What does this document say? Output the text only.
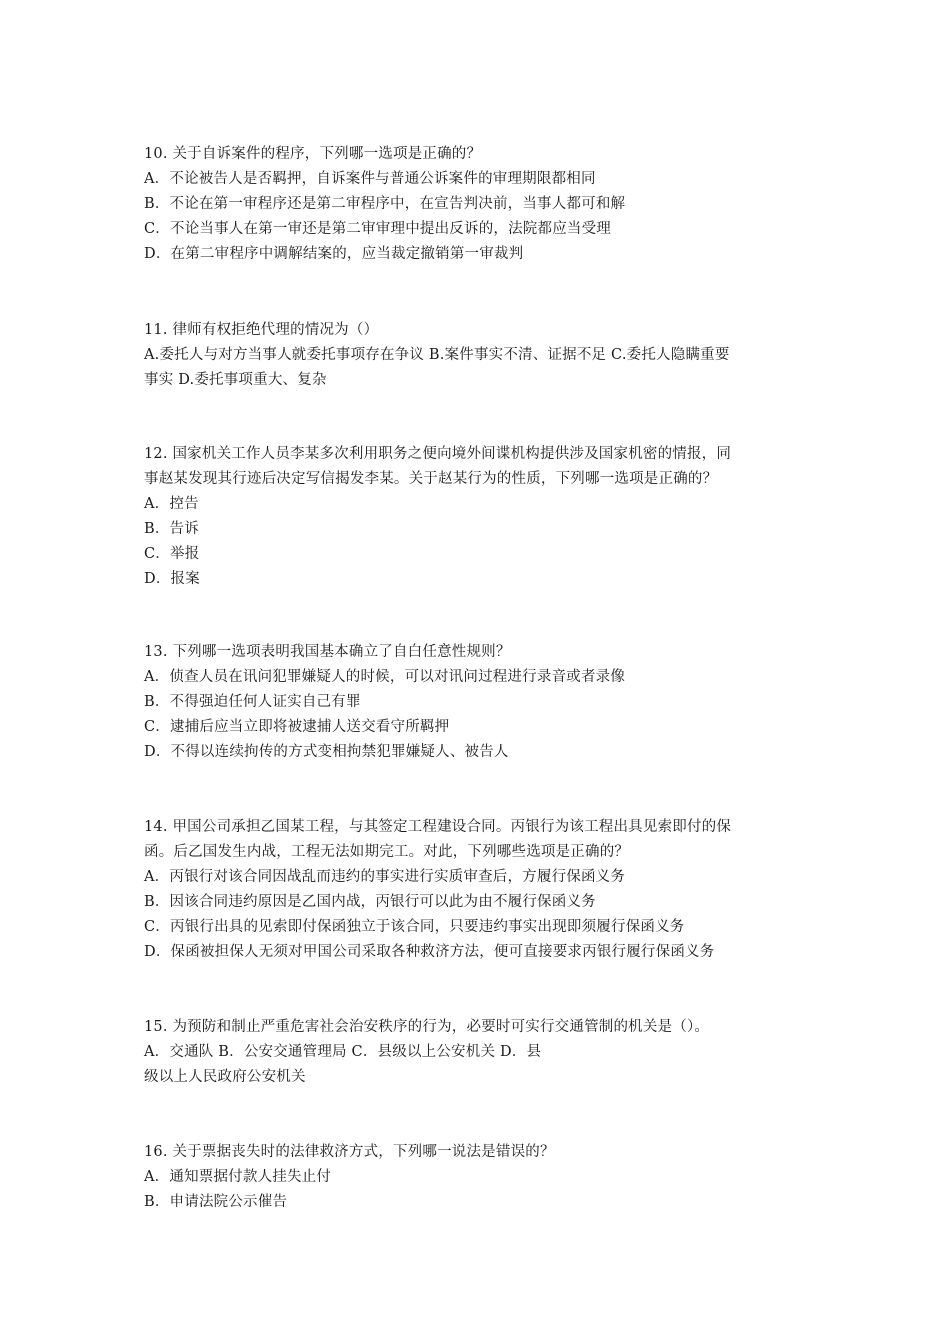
10. 关于自诉案件的程序，下列哪一选项是正确的？
A．不论被告人是否羁押，自诉案件与普通公诉案件的审理期限都相同
B．不论在第一审程序还是第二审程序中，在宣告判决前，当事人都可和解
C．不论当事人在第一审还是第二审审理中提出反诉的，法院都应当受理
D．在第二审程序中调解结案的，应当裁定撤销第一审裁判
11. 律师有权拒绝代理的情况为（）
A.委托人与对方当事人就委托事项存在争议 B.案件事实不清、证据不足 C.委托人隐瞒重要
事实 D.委托事项重大、复杂
12. 国家机关工作人员李某多次利用职务之便向境外间谍机构提供涉及国家机密的情报，同
事赵某发现其行迹后决定写信揭发李某。关于赵某行为的性质，下列哪一选项是正确的？
A．控告
B．告诉
C．举报
D．报案
13. 下列哪一选项表明我国基本确立了自白任意性规则？
A．侦查人员在讯问犯罪嫌疑人的时候，可以对讯问过程进行录音或者录像
B．不得强迫任何人证实自己有罪
C．逮捕后应当立即将被逮捕人送交看守所羁押
D．不得以连续拘传的方式变相拘禁犯罪嫌疑人、被告人
14. 甲国公司承担乙国某工程，与其签定工程建设合同。丙银行为该工程出具见索即付的保
函。后乙国发生内战，工程无法如期完工。对此，下列哪些选项是正确的？
A．丙银行对该合同因战乱而违约的事实进行实质审查后，方履行保函义务
B．因该合同违约原因是乙国内战，丙银行可以此为由不履行保函义务
C．丙银行出具的见索即付保函独立于该合同，只要违约事实出现即须履行保函义务
D．保函被担保人无须对甲国公司采取各种救济方法，便可直接要求丙银行履行保函义务
15. 为预防和制止严重危害社会治安秩序的行为，必要时可实行交通管制的机关是（）。
A．交通队 B．公安交通管理局 C．县级以上公安机关 D．县
级以上人民政府公安机关
16. 关于票据丧失时的法律救济方式，下列哪一说法是错误的？
A．通知票据付款人挂失止付
B．申请法院公示催告
